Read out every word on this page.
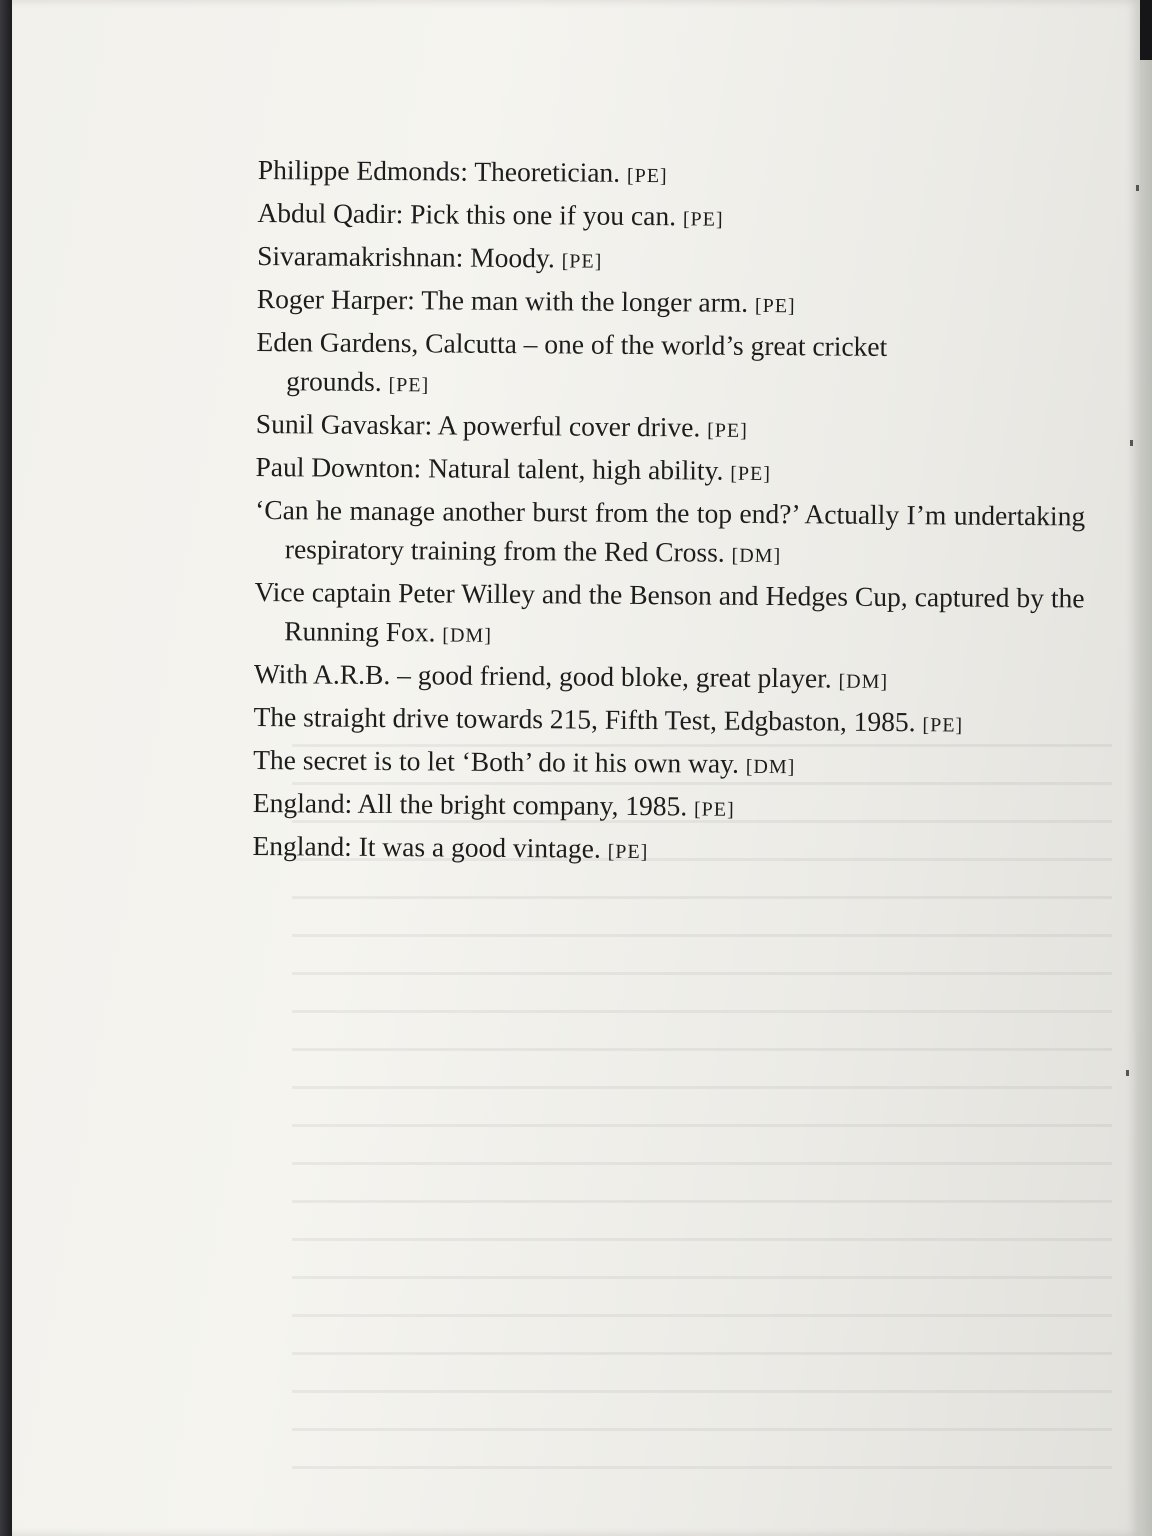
Philippe Edmonds: Theoretician. [PE]

Abdul Qadir: Pick this one if you can. [PE]

Sivaramakrishnan: Moody. [PE]

Roger Harper: The man with the longer arm. [PE]

Eden Gardens, Calcutta – one of the world’s great cricket grounds. [PE]

Sunil Gavaskar: A powerful cover drive. [PE]

Paul Downton: Natural talent, high ability. [PE]

‘Can he manage another burst from the top end?’ Actually I’m undertaking respiratory training from the Red Cross. [DM]

Vice captain Peter Willey and the Benson and Hedges Cup, captured by the Running Fox. [DM]

With A.R.B. – good friend, good bloke, great player. [DM]

The straight drive towards 215, Fifth Test, Edgbaston, 1985. [PE]

The secret is to let ‘Both’ do it his own way. [DM]

England: All the bright company, 1985. [PE]

England: It was a good vintage. [PE]
